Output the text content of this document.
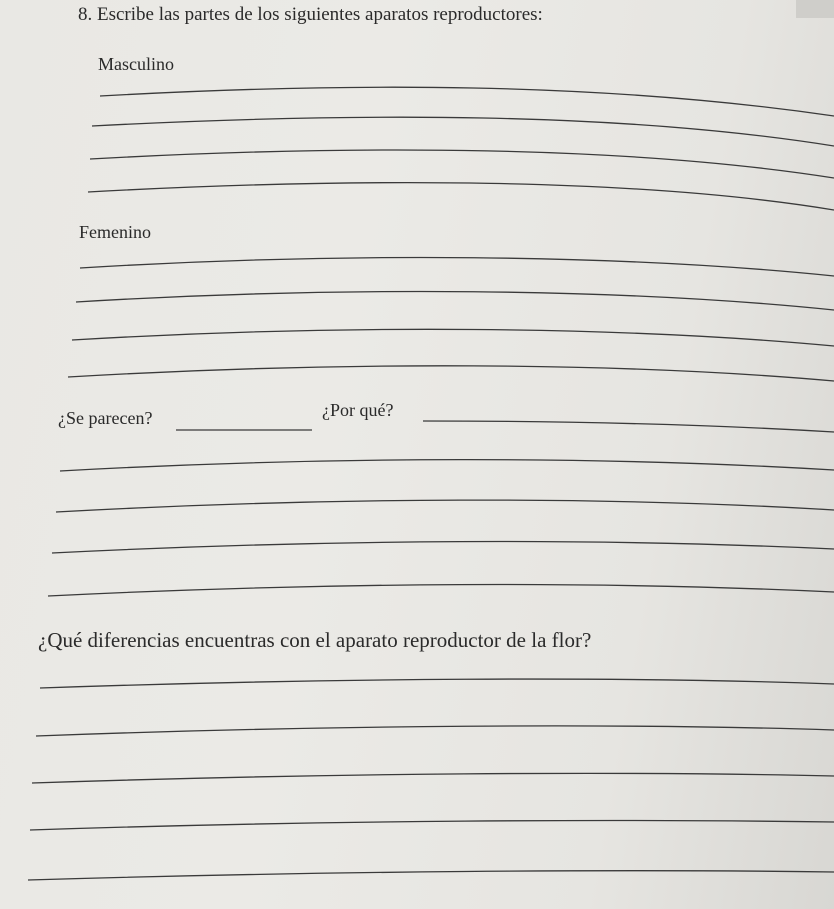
8. Escribe las partes de los siguientes aparatos reproductores:
Masculino
Femenino
¿Se parecen?	¿Por qué?
¿Qué diferencias encuentras con el aparato reproductor de la flor?
